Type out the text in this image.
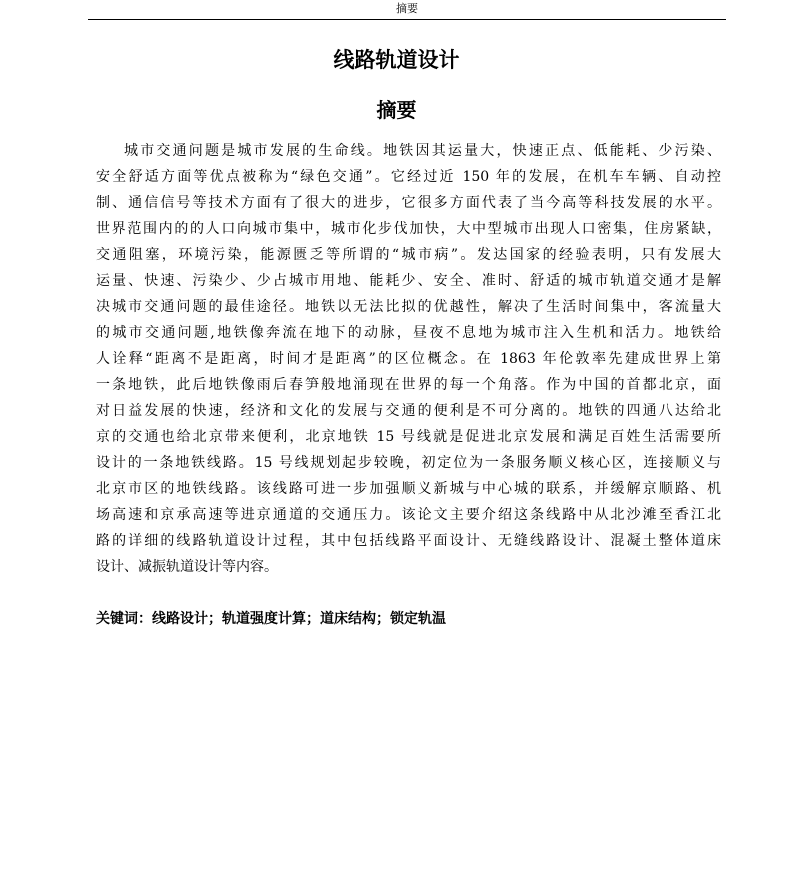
摘要
线路轨道设计
摘要
城市交通问题是城市发展的生命线。地铁因其运量大，快速正点、低能耗、少污染、
安全舒适方面等优点被称为“绿色交通”。它经过近 150 年的发展，在机车车辆、自动控
制、通信信号等技术方面有了很大的进步，它很多方面代表了当今高等科技发展的水平。
世界范围内的的人口向城市集中，城市化步伐加快，大中型城市出现人口密集，住房紧缺，
交通阻塞，环境污染，能源匮乏等所谓的“城市病”。发达国家的经验表明，只有发展大
运量、快速、污染少、少占城市用地、能耗少、安全、准时、舒适的城市轨道交通才是解
决城市交通问题的最佳途径。地铁以无法比拟的优越性，解决了生活时间集中，客流量大
的城市交通问题,地铁像奔流在地下的动脉，昼夜不息地为城市注入生机和活力。地铁给
人诠释“距离不是距离，时间才是距离”的区位概念。在 1863 年伦敦率先建成世界上第
一条地铁，此后地铁像雨后春笋般地涌现在世界的每一个角落。作为中国的首都北京，面
对日益发展的快速，经济和文化的发展与交通的便利是不可分离的。地铁的四通八达给北
京的交通也给北京带来便利，北京地铁 15 号线就是促进北京发展和满足百姓生活需要所
设计的一条地铁线路。15 号线规划起步较晚，初定位为一条服务顺义核心区，连接顺义与
北京市区的地铁线路。该线路可进一步加强顺义新城与中心城的联系，并缓解京顺路、机
场高速和京承高速等进京通道的交通压力。该论文主要介绍这条线路中从北沙滩至香江北
路的详细的线路轨道设计过程，其中包括线路平面设计、无缝线路设计、混凝土整体道床
设计、减振轨道设计等内容。
关键词：线路设计；轨道强度计算；道床结构；锁定轨温
